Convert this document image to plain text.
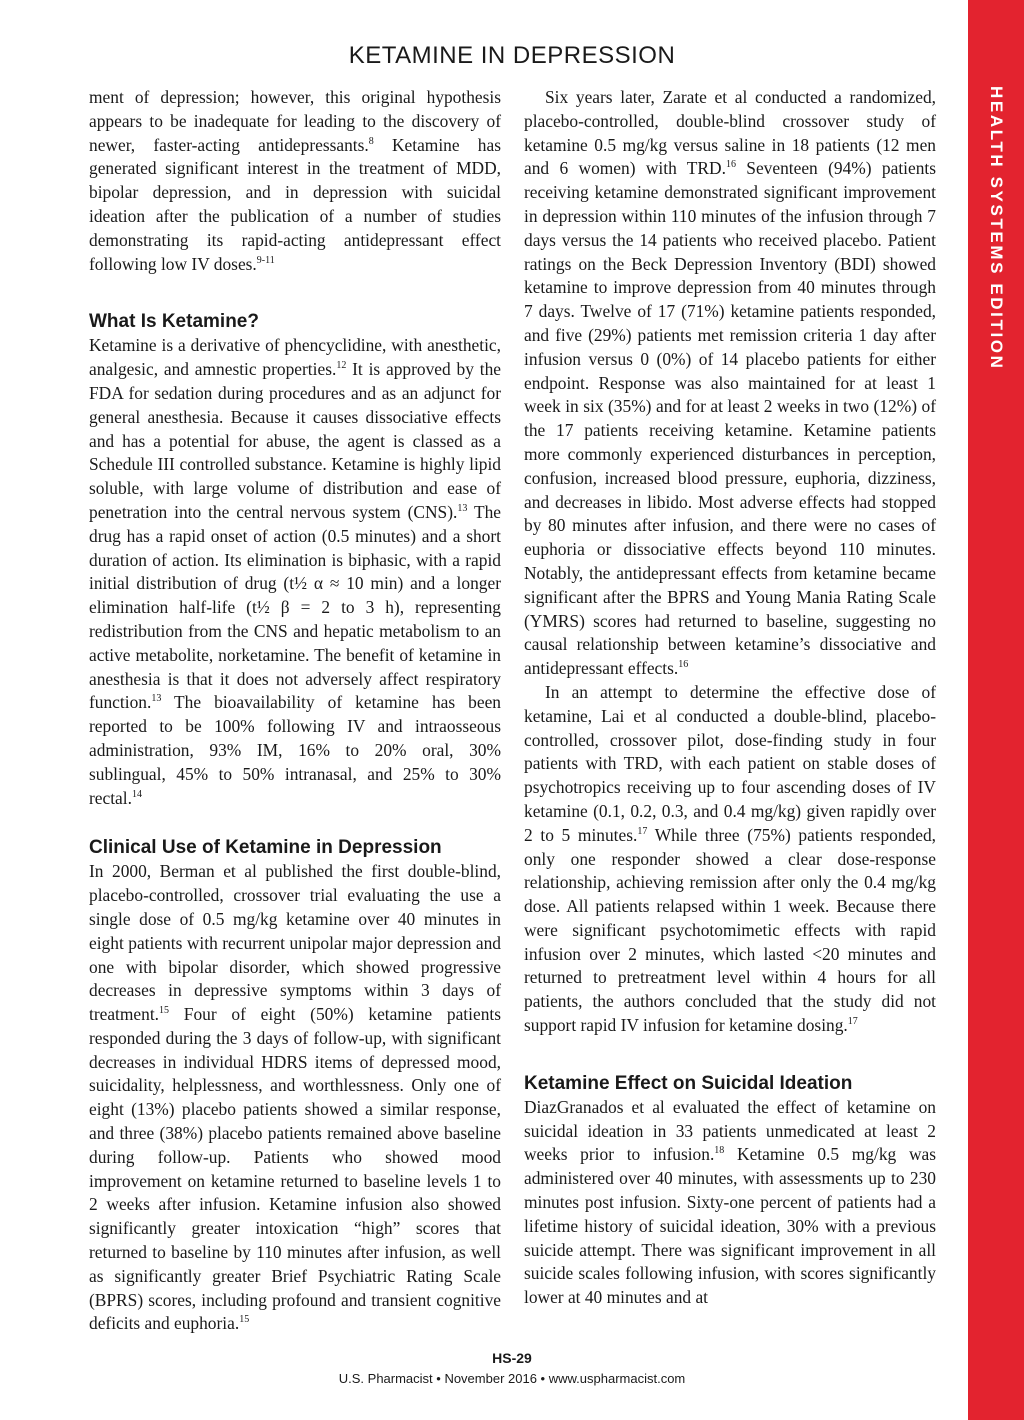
KETAMINE IN DEPRESSION
HEALTH SYSTEMS EDITION

ment of depression; however, this original hypothesis appears to be inadequate for leading to the discovery of newer, faster-acting antidepressants.$^8$ Ketamine has generated significant interest in the treatment of MDD, bipolar depression, and in depression with suicidal ideation after the publication of a number of studies demonstrating its rapid-acting antidepressant effect following low IV doses.$^{9-11}$

What Is Ketamine?

Ketamine is a derivative of phencyclidine, with anesthetic, analgesic, and amnestic properties.$^{12}$ It is approved by the FDA for sedation during procedures and as an adjunct for general anesthesia. Because it causes dissociative effects and has a potential for abuse, the agent is classed as a Schedule III controlled substance. Ketamine is highly lipid soluble, with large volume of distribution and ease of penetration into the central nervous system (CNS).$^{13}$ The drug has a rapid onset of action (0.5 minutes) and a short duration of action. Its elimination is biphasic, with a rapid initial distribution of drug (t½ α ≈ 10 min) and a longer elimination half-life (t½ β = 2 to 3 h), representing redistribution from the CNS and hepatic metabolism to an active metabolite, norketamine. The benefit of ketamine in anesthesia is that it does not adversely affect respiratory function.$^{13}$ The bioavailability of ketamine has been reported to be 100% following IV and intraosseous administration, 93% IM, 16% to 20% oral, 30% sublingual, 45% to 50% intranasal, and 25% to 30% rectal.$^{14}$

Clinical Use of Ketamine in Depression

In 2000, Berman et al published the first double-blind, placebo-controlled, crossover trial evaluating the use a single dose of 0.5 mg/kg ketamine over 40 minutes in eight patients with recurrent unipolar major depression and one with bipolar disorder, which showed progressive decreases in depressive symptoms within 3 days of treatment.$^{15}$ Four of eight (50%) ketamine patients responded during the 3 days of follow-up, with significant decreases in individual HDRS items of depressed mood, suicidality, helplessness, and worthlessness. Only one of eight (13%) placebo patients showed a similar response, and three (38%) placebo patients remained above baseline during follow-up. Patients who showed mood improvement on ketamine returned to baseline levels 1 to 2 weeks after infusion. Ketamine infusion also showed significantly greater intoxication “high” scores that returned to baseline by 110 minutes after infusion, as well as significantly greater Brief Psychiatric Rating Scale (BPRS) scores, including profound and transient cognitive deficits and euphoria.$^{15}$

Six years later, Zarate et al conducted a randomized, placebo-controlled, double-blind crossover study of ketamine 0.5 mg/kg versus saline in 18 patients (12 men and 6 women) with TRD.$^{16}$ Seventeen (94%) patients receiving ketamine demonstrated significant improvement in depression within 110 minutes of the infusion through 7 days versus the 14 patients who received placebo. Patient ratings on the Beck Depression Inventory (BDI) showed ketamine to improve depression from 40 minutes through 7 days. Twelve of 17 (71%) ketamine patients responded, and five (29%) patients met remission criteria 1 day after infusion versus 0 (0%) of 14 placebo patients for either endpoint. Response was also maintained for at least 1 week in six (35%) and for at least 2 weeks in two (12%) of the 17 patients receiving ketamine. Ketamine patients more commonly experienced disturbances in perception, confusion, increased blood pressure, euphoria, dizziness, and decreases in libido. Most adverse effects had stopped by 80 minutes after infusion, and there were no cases of euphoria or dissociative effects beyond 110 minutes. Notably, the antidepressant effects from ketamine became significant after the BPRS and Young Mania Rating Scale (YMRS) scores had returned to baseline, suggesting no causal relationship between ketamine’s dissociative and antidepressant effects.$^{16}$

In an attempt to determine the effective dose of ketamine, Lai et al conducted a double-blind, placebo-controlled, crossover pilot, dose-finding study in four patients with TRD, with each patient on stable doses of psychotropics receiving up to four ascending doses of IV ketamine (0.1, 0.2, 0.3, and 0.4 mg/kg) given rapidly over 2 to 5 minutes.$^{17}$ While three (75%) patients responded, only one responder showed a clear dose-response relationship, achieving remission after only the 0.4 mg/kg dose. All patients relapsed within 1 week. Because there were significant psychotomimetic effects with rapid infusion over 2 minutes, which lasted <20 minutes and returned to pretreatment level within 4 hours for all patients, the authors concluded that the study did not support rapid IV infusion for ketamine dosing.$^{17}$

Ketamine Effect on Suicidal Ideation

DiazGranados et al evaluated the effect of ketamine on suicidal ideation in 33 patients unmedicated at least 2 weeks prior to infusion.$^{18}$ Ketamine 0.5 mg/kg was administered over 40 minutes, with assessments up to 230 minutes post infusion. Sixty-one percent of patients had a lifetime history of suicidal ideation, 30% with a previous suicide attempt. There was significant improvement in all suicide scales following infusion, with scores significantly lower at 40 minutes and at

HS-29
U.S. Pharmacist • November 2016 • www.uspharmacist.com
